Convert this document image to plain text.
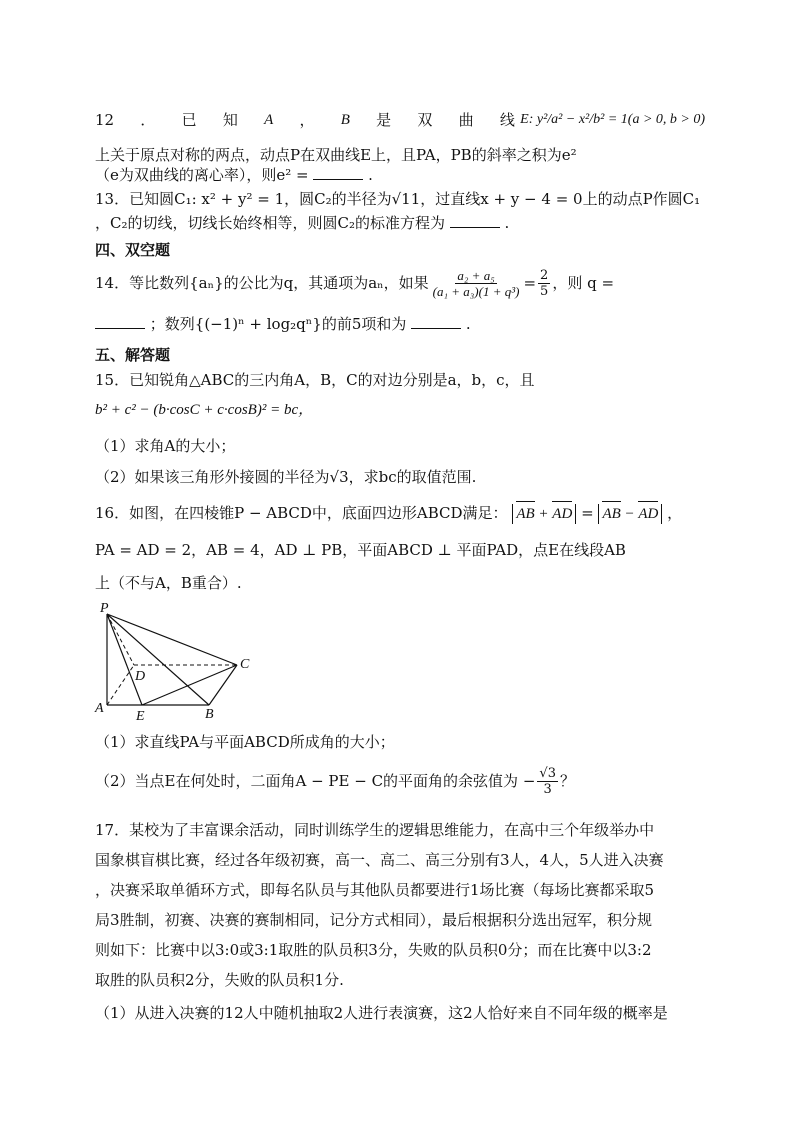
12 ． 已 知 A ， B 是 双 曲 线 E: y²/a² − x²/b² = 1(a > 0, b > 0)
上关于原点对称的两点，动点P在双曲线E上，且PA，PB的斜率之积为e²
（e为双曲线的离心率），则e² =	.
13．已知圆C₁: x² + y² = 1，圆C₂的半径为√11，过直线x + y − 4 = 0上的动点P作圆C₁
，C₂的切线，切线长始终相等，则圆C₂的标准方程为	.
四、双空题
14．等比数列{aₙ}的公比为q，其通项为aₙ，如果 $\frac{\text{a₂ + a₅}}{\text{(a₁ + a₃)(1 + q³)}} = \frac{2}{5}$ ，则 q =
；数列{(−1)ⁿ + log₂qⁿ}的前5项和为	.
五、解答题
15．已知锐角△ABC的三内角A，B，C的对边分别是a，b，c，且
b² + c² − (b·cosC + c·cosB)² = bc，
（1）求角A的大小；
（2）如果该三角形外接圆的半径为√3，求bc的取值范围.
16．如图，在四棱锥P − ABCD中，底面四边形ABCD满足： AB + AD = AB − AD ，
PA = AD = 2，AB = 4，AD ⊥ PB，平面ABCD ⊥ 平面PAD，点E在线段AB
上（不与A，B重合）.
P
A	B
C
D
E
（1）求直线PA与平面ABCD所成角的大小；
（2）当点E在何处时，二面角A − PE − C的平面角的余弦值为 − $\frac{√3}{3}$ ？
17．某校为了丰富课余活动，同时训练学生的逻辑思维能力，在高中三个年级举办中
国象棋盲棋比赛，经过各年级初赛，高一、高二、高三分别有3人，4人，5人进入决赛
，决赛采取单循环方式，即每名队员与其他队员都要进行1场比赛（每场比赛都采取5
局3胜制，初赛、决赛的赛制相同，记分方式相同），最后根据积分选出冠军，积分规
则如下：比赛中以3:0或3:1取胜的队员积3分，失败的队员积0分；而在比赛中以3:2
取胜的队员积2分，失败的队员积1分.
（1）从进入决赛的12人中随机抽取2人进行表演赛，这2人恰好来自不同年级的概率是
